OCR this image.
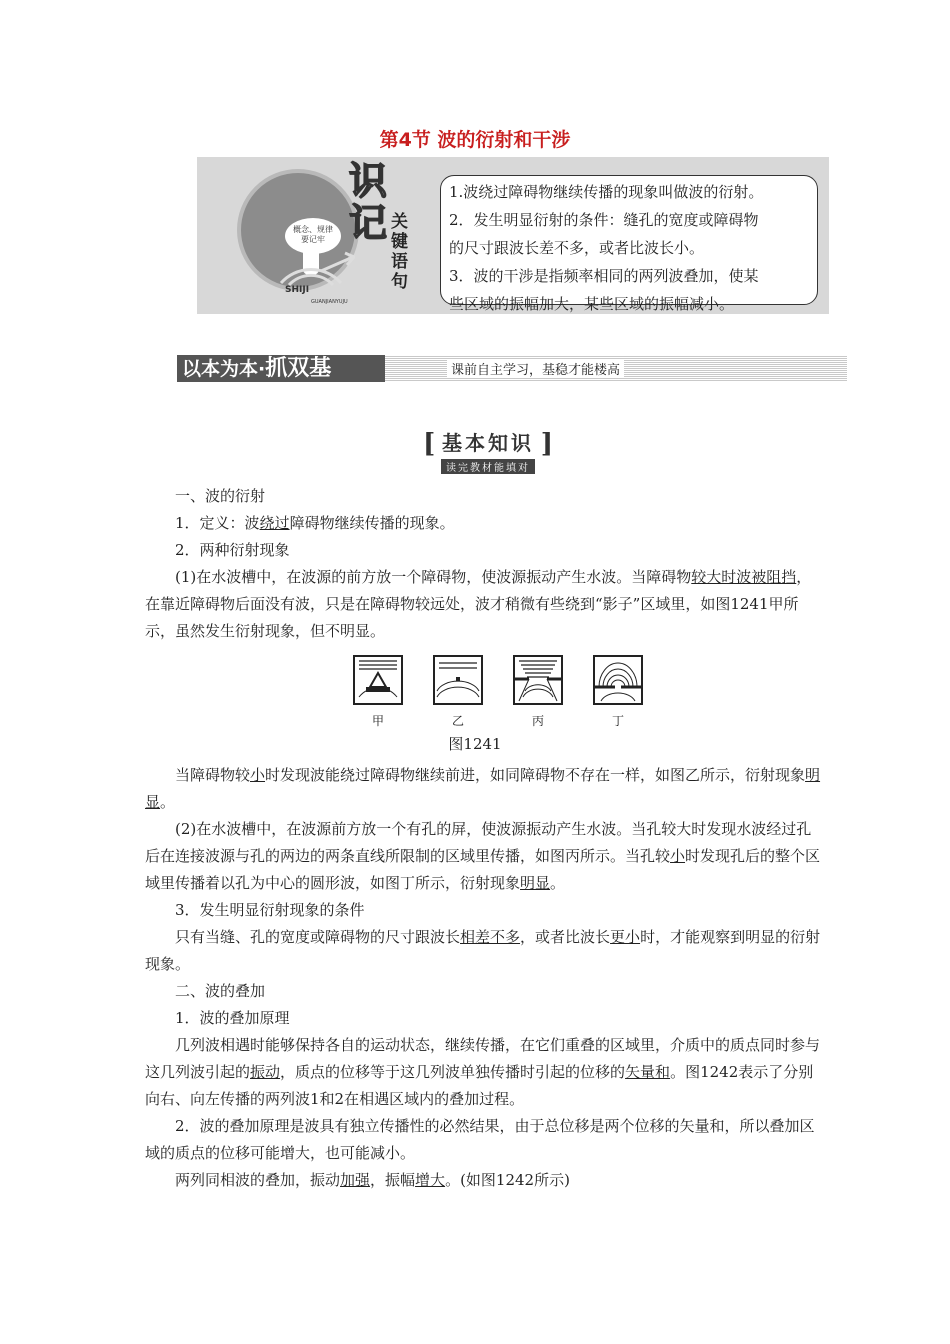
第4节 波的衍射和干涉
概念、规律
要记牢
SHIJI
GUANJIANYUJU
识
记 关
键
语
句

1.波绕过障碍物继续传播的现象叫做波的衍射。

2．发生明显衍射的条件：缝孔的宽度或障碍物

的尺寸跟波长差不多，或者比波长小。

3．波的干涉是指频率相同的两列波叠加，使某

些区域的振幅加大，某些区域的振幅减小。

以本为本·抓双基	课前自主学习，基稳才能楼高
[ 基本知识
读完教材能填对
]

一、波的衍射

1．定义：波绕过障碍物继续传播的现象。

2．两种衍射现象

(1)在水波槽中，在波源的前方放一个障碍物，使波源振动产生水波。当障碍物较大时波被阻挡，在靠近障碍物后面没有波，只是在障碍物较远处，波才稍微有些绕到“影子”区域里，如图1241甲所示，虽然发生衍射现象，但不明显。

甲	乙	丙	丁
图1241

当障碍物较小时发现波能绕过障碍物继续前进，如同障碍物不存在一样，如图乙所示，衍射现象明显。

(2)在水波槽中，在波源前方放一个有孔的屏，使波源振动产生水波。当孔较大时发现水波经过孔后在连接波源与孔的两边的两条直线所限制的区域里传播，如图丙所示。当孔较小时发现孔后的整个区域里传播着以孔为中心的圆形波，如图丁所示，衍射现象明显。

3．发生明显衍射现象的条件

只有当缝、孔的宽度或障碍物的尺寸跟波长相差不多，或者比波长更小时，才能观察到明显的衍射现象。

二、波的叠加

1．波的叠加原理

几列波相遇时能够保持各自的运动状态，继续传播，在它们重叠的区域里，介质中的质点同时参与这几列波引起的振动，质点的位移等于这几列波单独传播时引起的位移的矢量和。图1242表示了分别向右、向左传播的两列波1和2在相遇区域内的叠加过程。

2．波的叠加原理是波具有独立传播性的必然结果，由于总位移是两个位移的矢量和，所以叠加区域的质点的位移可能增大，也可能减小。

两列同相波的叠加，振动加强，振幅增大。(如图1242所示)
